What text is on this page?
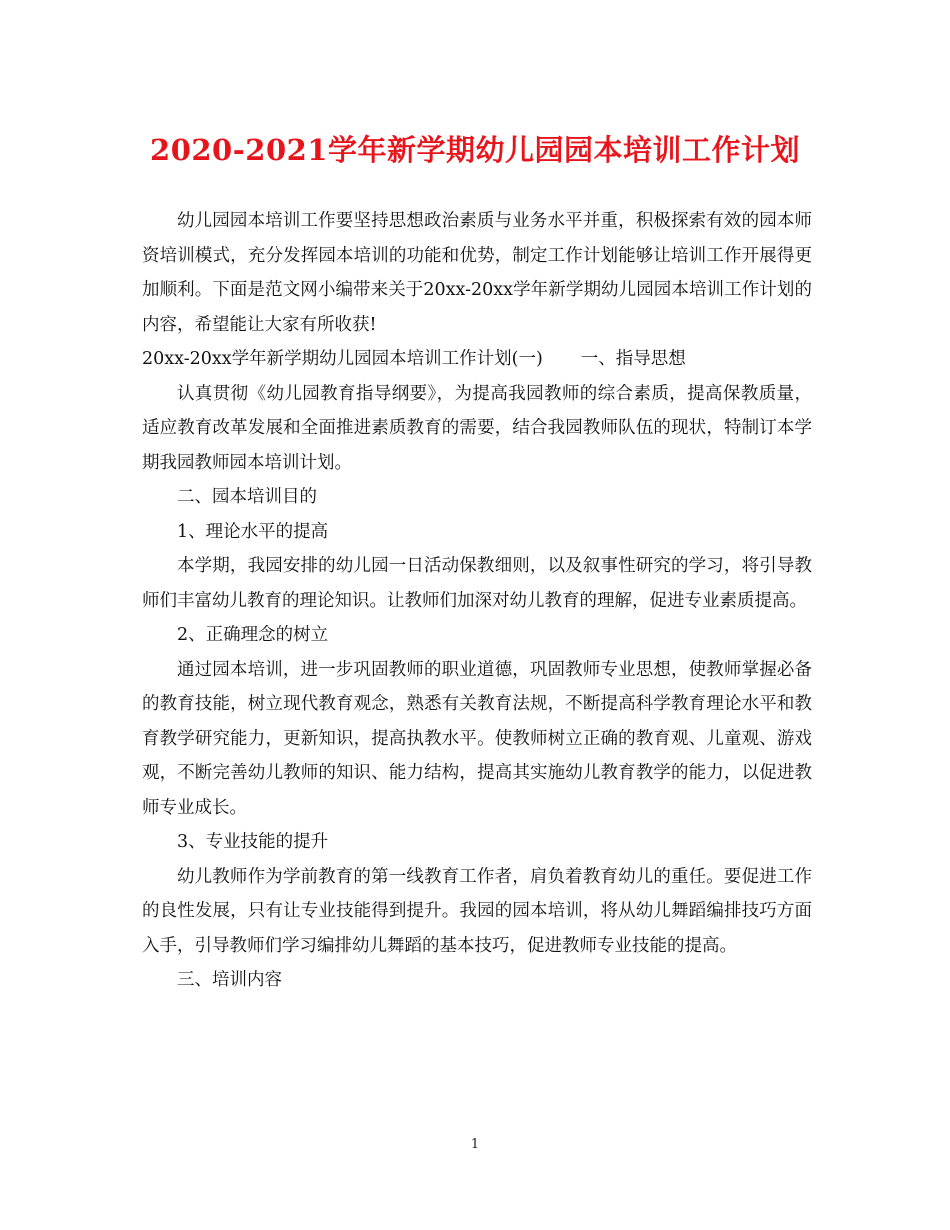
2020-2021学年新学期幼儿园园本培训工作计划

幼儿园园本培训工作要坚持思想政治素质与业务水平并重，积极探索有效的园本师资培训模式，充分发挥园本培训的功能和优势，制定工作计划能够让培训工作开展得更加顺利。下面是范文网小编带来关于20xx-20xx学年新学期幼儿园园本培训工作计划的内容，希望能让大家有所收获!

20xx-20xx学年新学期幼儿园园本培训工作计划(一) 一、指导思想

认真贯彻《幼儿园教育指导纲要》，为提高我园教师的综合素质，提高保教质量，适应教育改革发展和全面推进素质教育的需要，结合我园教师队伍的现状，特制订本学期我园教师园本培训计划。

二、园本培训目的

1、理论水平的提高

本学期，我园安排的幼儿园一日活动保教细则，以及叙事性研究的学习，将引导教师们丰富幼儿教育的理论知识。让教师们加深对幼儿教育的理解，促进专业素质提高。

2、正确理念的树立

通过园本培训，进一步巩固教师的职业道德，巩固教师专业思想，使教师掌握必备的教育技能，树立现代教育观念，熟悉有关教育法规，不断提高科学教育理论水平和教育教学研究能力，更新知识，提高执教水平。使教师树立正确的教育观、儿童观、游戏观，不断完善幼儿教师的知识、能力结构，提高其实施幼儿教育教学的能力，以促进教师专业成长。

3、专业技能的提升

幼儿教师作为学前教育的第一线教育工作者，肩负着教育幼儿的重任。要促进工作的良性发展，只有让专业技能得到提升。我园的园本培训，将从幼儿舞蹈编排技巧方面入手，引导教师们学习编排幼儿舞蹈的基本技巧，促进教师专业技能的提高。

三、培训内容

1
